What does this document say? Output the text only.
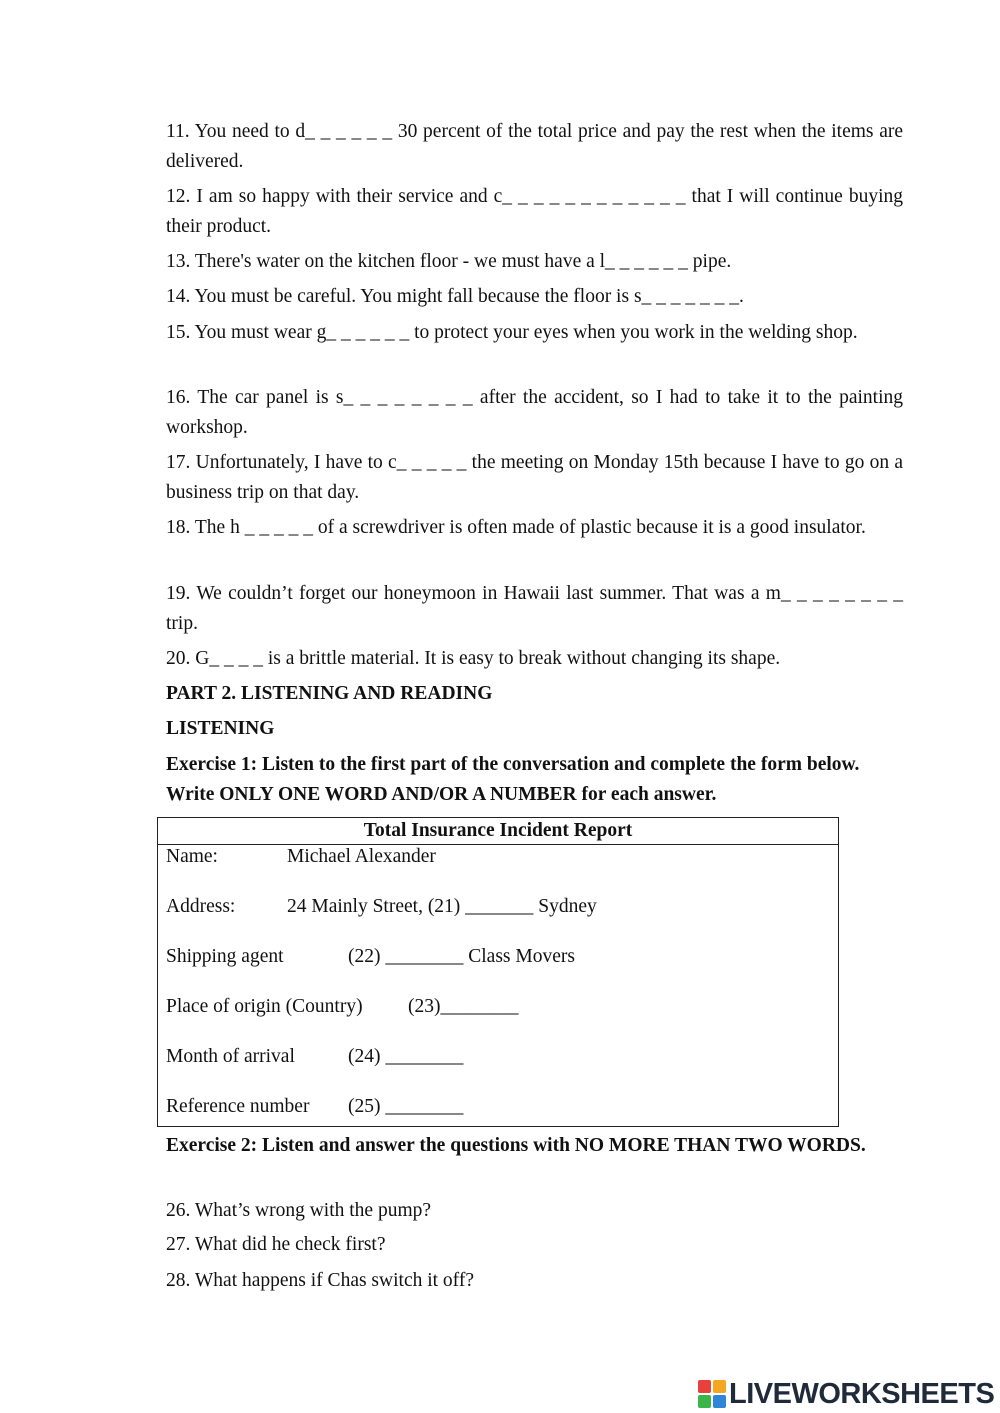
11. You need to d_ _ _ _ _ _ 30 percent of the total price and pay the rest when the items are delivered.

12. I am so happy with their service and c_ _ _ _ _ _ _ _ _ _ _ _ that I will continue buying their product.

13. There's water on the kitchen floor - we must have a l_ _ _ _ _ _ pipe.

14. You must be careful. You might fall because the floor is s_ _ _ _ _ _ _.

15. You must wear g_ _ _ _ _ _ to protect your eyes when you work in the welding shop.

16. The car panel is s_ _ _ _ _ _ _ _ after the accident, so I had to take it to the painting workshop.

17. Unfortunately, I have to c_ _ _ _ _ the meeting on Monday 15th because I have to go on a business trip on that day.

18. The h _ _ _ _ _ of a screwdriver is often made of plastic because it is a good insulator.

19. We couldn’t forget our honeymoon in Hawaii last summer. That was a m_ _ _ _ _ _ _ _ trip.

20. G_ _ _ _ is a brittle material. It is easy to break without changing its shape.

PART 2. LISTENING AND READING

LISTENING

Exercise 1: Listen to the first part of the conversation and complete the form below. Write ONLY ONE WORD AND/OR A NUMBER for each answer.

Total Insurance Incident Report

Name:	Michael Alexander
Address:	24 Mainly Street, (21) _______ Sydney
Shipping agent	(22) ________ Class Movers
Place of origin (Country) (23)________
Month of arrival	(24) ________
Reference number (25) ________

Exercise 2: Listen and answer the questions with NO MORE THAN TWO WORDS.

26. What’s wrong with the pump?

27. What did he check first?

28. What happens if Chas switch it off?

LIVEWORKSHEETS
